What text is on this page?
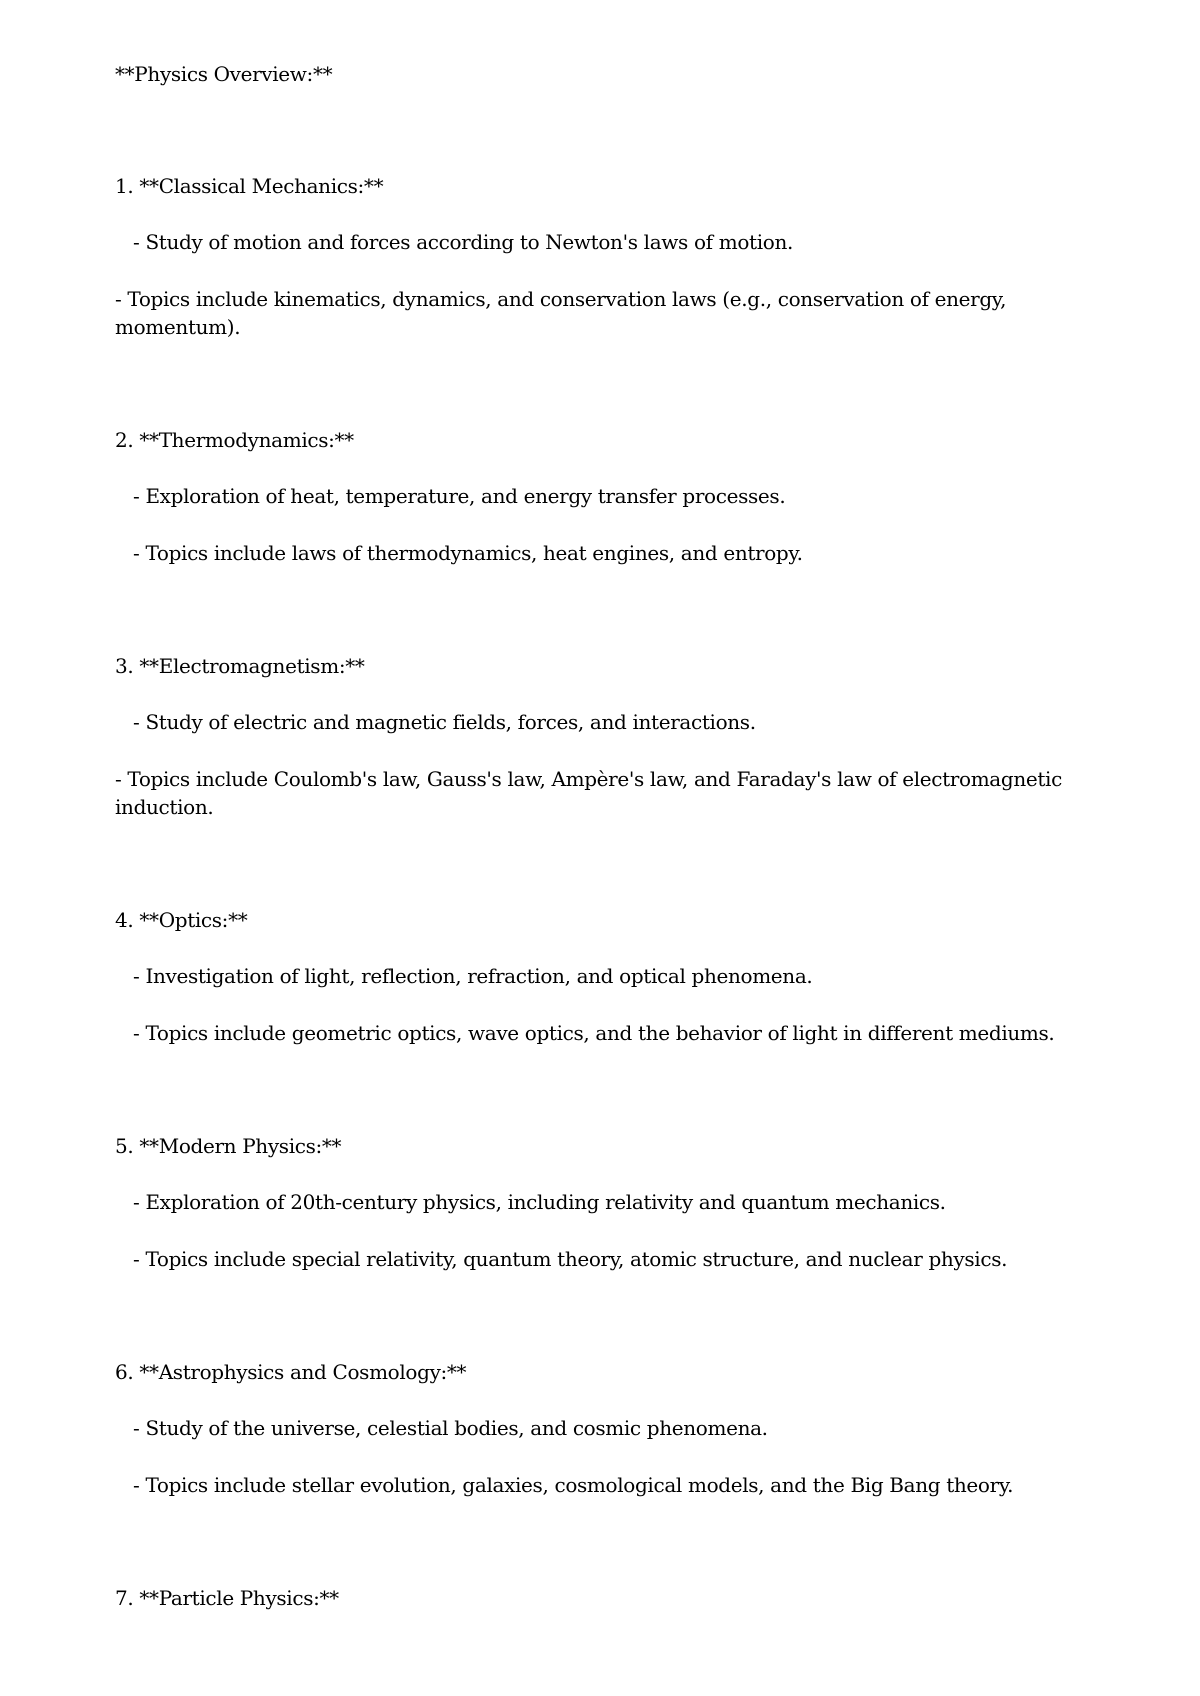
**Physics Overview:**
1. **Classical Mechanics:**
- Study of motion and forces according to Newton's laws of motion.
- Topics include kinematics, dynamics, and conservation laws (e.g., conservation of energy, momentum).
2. **Thermodynamics:**
- Exploration of heat, temperature, and energy transfer processes.
- Topics include laws of thermodynamics, heat engines, and entropy.
3. **Electromagnetism:**
- Study of electric and magnetic fields, forces, and interactions.
- Topics include Coulomb's law, Gauss's law, Ampère's law, and Faraday's law of electromagnetic induction.
4. **Optics:**
- Investigation of light, reflection, refraction, and optical phenomena.
- Topics include geometric optics, wave optics, and the behavior of light in different mediums.
5. **Modern Physics:**
- Exploration of 20th-century physics, including relativity and quantum mechanics.
- Topics include special relativity, quantum theory, atomic structure, and nuclear physics.
6. **Astrophysics and Cosmology:**
- Study of the universe, celestial bodies, and cosmic phenomena.
- Topics include stellar evolution, galaxies, cosmological models, and the Big Bang theory.
7. **Particle Physics:**
